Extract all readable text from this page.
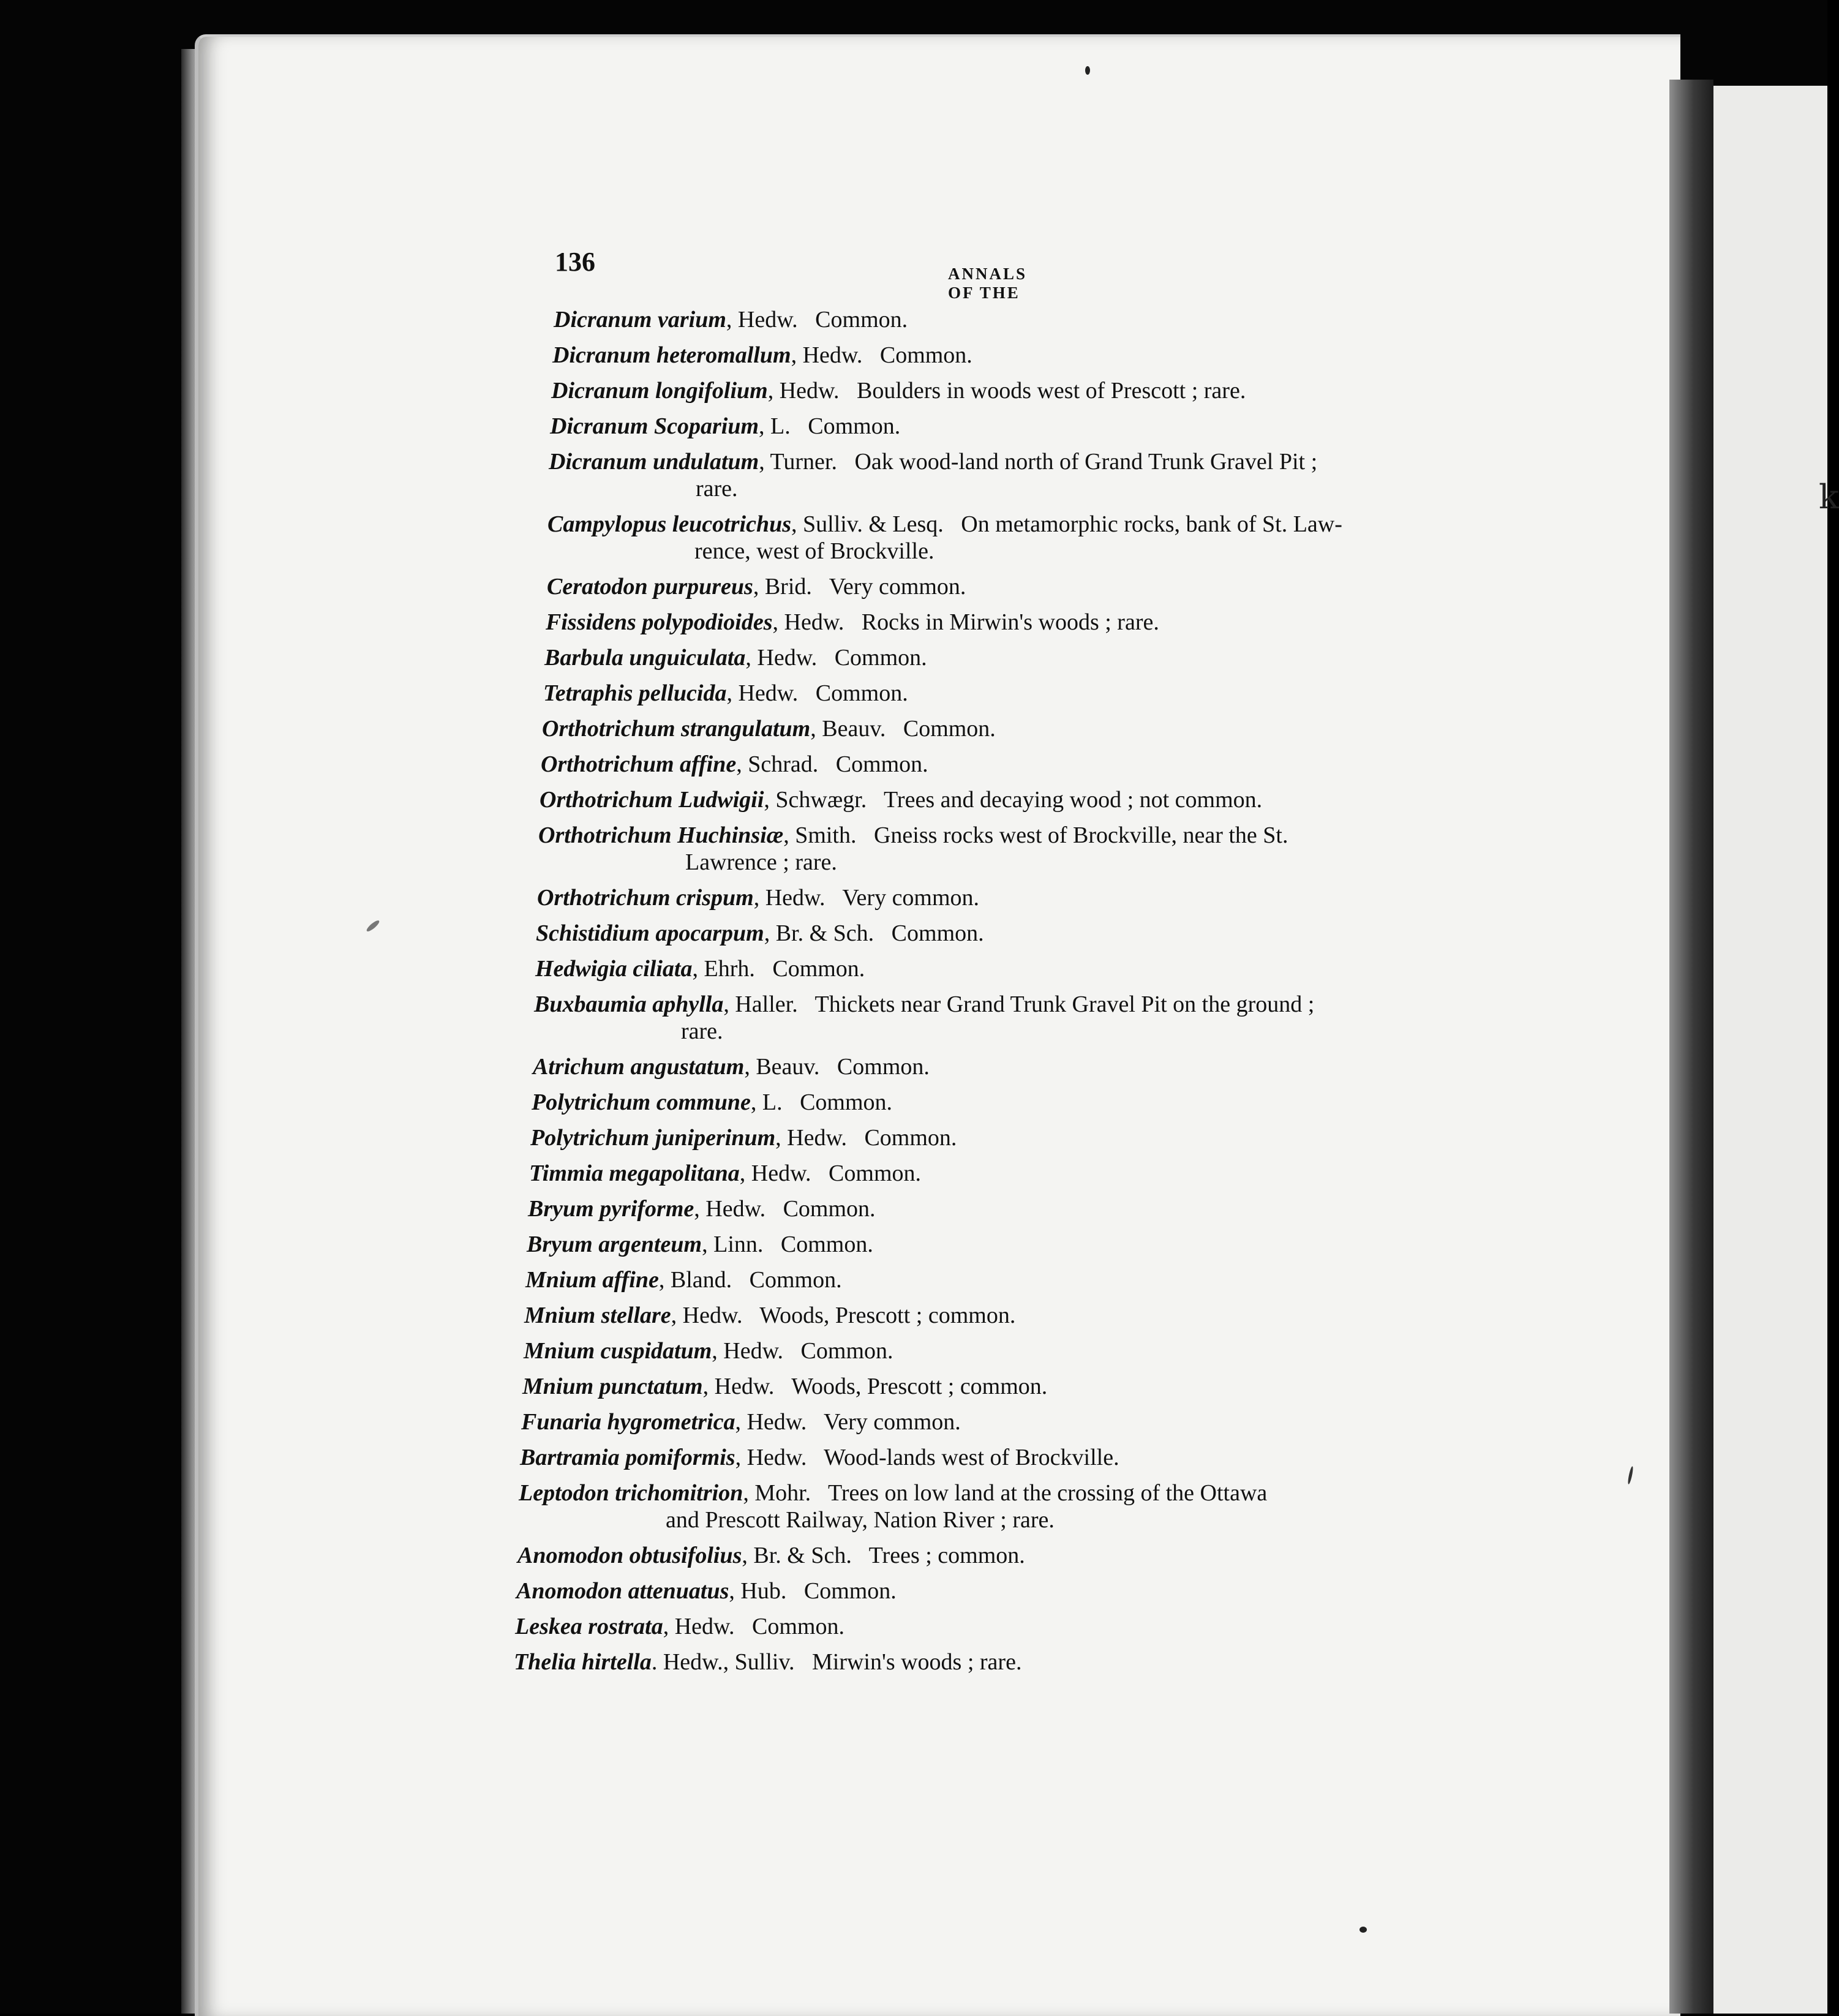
k
136	ANNALS OF THE
Dicranum varium, Hedw.   Common.
Dicranum heteromallum, Hedw.   Common.
Dicranum longifolium, Hedw.   Boulders in woods west of Prescott ; rare.
Dicranum Scoparium, L.   Common.
Dicranum undulatum, Turner.   Oak wood-land north of Grand Trunk Gravel Pit ;
rare.
Campylopus leucotrichus, Sulliv. & Lesq.   On metamorphic rocks, bank of St. Law-
rence, west of Brockville.
Ceratodon purpureus, Brid.   Very common.
Fissidens polypodioides, Hedw.   Rocks in Mirwin's woods ; rare.
Barbula unguiculata, Hedw.   Common.
Tetraphis pellucida, Hedw.   Common.
Orthotrichum strangulatum, Beauv.   Common.
Orthotrichum affine, Schrad.   Common.
Orthotrichum Ludwigii, Schwægr.   Trees and decaying wood ; not common.
Orthotrichum Huchinsiæ, Smith.   Gneiss rocks west of Brockville, near the St.
Lawrence ; rare.
Orthotrichum crispum, Hedw.   Very common.
Schistidium apocarpum, Br. & Sch.   Common.
Hedwigia ciliata, Ehrh.   Common.
Buxbaumia aphylla, Haller.   Thickets near Grand Trunk Gravel Pit on the ground ;
rare.
Atrichum angustatum, Beauv.   Common.
Polytrichum commune, L.   Common.
Polytrichum juniperinum, Hedw.   Common.
Timmia megapolitana, Hedw.   Common.
Bryum pyriforme, Hedw.   Common.
Bryum argenteum, Linn.   Common.
Mnium affine, Bland.   Common.
Mnium stellare, Hedw.   Woods, Prescott ; common.
Mnium cuspidatum, Hedw.   Common.
Mnium punctatum, Hedw.   Woods, Prescott ; common.
Funaria hygrometrica, Hedw.   Very common.
Bartramia pomiformis, Hedw.   Wood-lands west of Brockville.
Leptodon trichomitrion, Mohr.   Trees on low land at the crossing of the Ottawa
and Prescott Railway, Nation River ; rare.
Anomodon obtusifolius, Br. & Sch.   Trees ; common.
Anomodon attenuatus, Hub.   Common.
Leskea rostrata, Hedw.   Common.
Thelia hirtella. Hedw., Sulliv.   Mirwin's woods ; rare.
